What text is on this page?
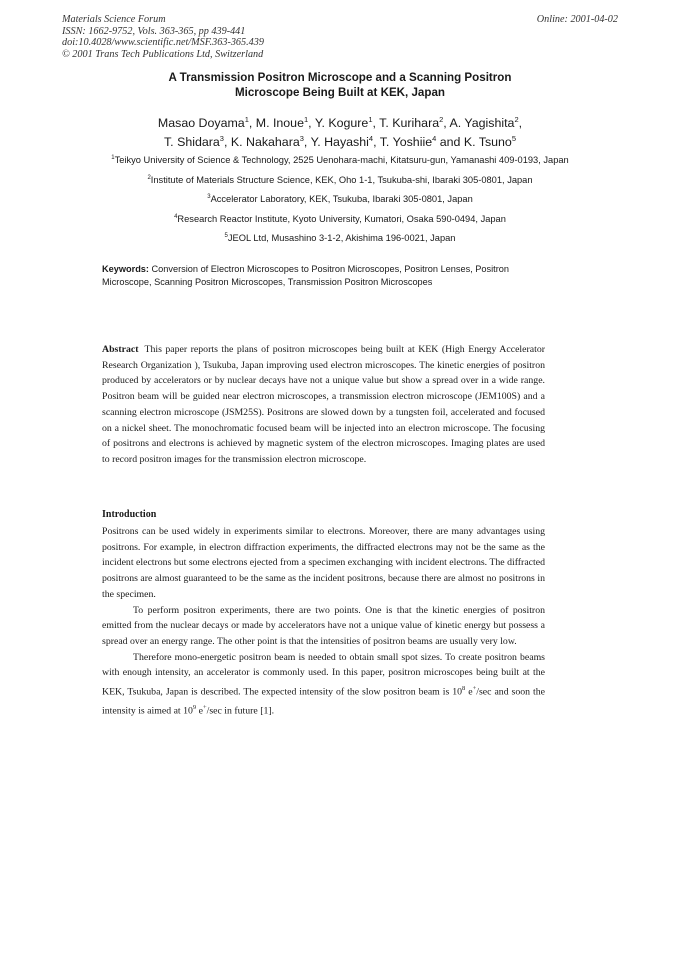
Materials Science Forum
ISSN: 1662-9752, Vols. 363-365, pp 439-441
doi:10.4028/www.scientific.net/MSF.363-365.439
© 2001 Trans Tech Publications Ltd, Switzerland
Online: 2001-04-02
A Transmission Positron Microscope and a Scanning Positron
Microscope Being Built at KEK, Japan
Masao Doyama$^1$, M. Inoue$^1$, Y. Kogure$^1$, T. Kurihara$^2$, A. Yagishita$^2$,
T. Shidara$^3$, K. Nakahara$^3$, Y. Hayashi$^4$, T. Yoshiie$^4$ and K. Tsuno$^5$
$^1$Teikyo University of Science & Technology, 2525 Uenohara-machi, Kitatsuru-gun, Yamanashi 409-0193, Japan
$^2$Institute of Materials Structure Science, KEK, Oho 1-1, Tsukuba-shi, Ibaraki 305-0801, Japan
$^3$Accelerator Laboratory, KEK, Tsukuba, Ibaraki 305-0801, Japan
$^4$Research Reactor Institute, Kyoto University, Kumatori, Osaka 590-0494, Japan
$^5$JEOL Ltd, Musashino 3-1-2, Akishima 196-0021, Japan
Keywords: Conversion of Electron Microscopes to Positron Microscopes, Positron Lenses, Positron Microscope, Scanning Positron Microscopes, Transmission Positron Microscopes
Abstract This paper reports the plans of positron microscopes being built at KEK (High Energy Accelerator Research Organization ), Tsukuba, Japan improving used electron microscopes. The kinetic energies of positron produced by accelerators or by nuclear decays have not a unique value but show a spread over in a wide range. Positron beam will be guided near electron microscopes, a transmission electron microscope (JEM100S) and a scanning electron microscope (JSM25S). Positrons are slowed down by a tungsten foil, accelerated and focused on a nickel sheet. The monochromatic focused beam will be injected into an electron microscope. The focusing of positrons and electrons is achieved by magnetic system of the electron microscopes. Imaging plates are used to record positron images for the transmission electron microscope.
Introduction

Positrons can be used widely in experiments similar to electrons. Moreover, there are many advantages using positrons. For example, in electron diffraction experiments, the diffracted electrons may not be the same as the incident electrons but some electrons ejected from a specimen exchanging with incident electrons. The diffracted positrons are almost guaranteed to be the same as the incident positrons, because there are almost no positrons in the specimen.

To perform positron experiments, there are two points. One is that the kinetic energies of positron emitted from the nuclear decays or made by accelerators have not a unique value of kinetic energy but possess a spread over an energy range. The other point is that the intensities of positron beams are usually very low.

Therefore mono-energetic positron beam is needed to obtain small spot sizes. To create positron beams with enough intensity, an accelerator is commonly used. In this paper, positron microscopes being built at the KEK, Tsukuba, Japan is described. The expected intensity of the slow positron beam is $10^8$ e+/sec and soon the intensity is aimed at $10^9$ e+/sec in future [1].
